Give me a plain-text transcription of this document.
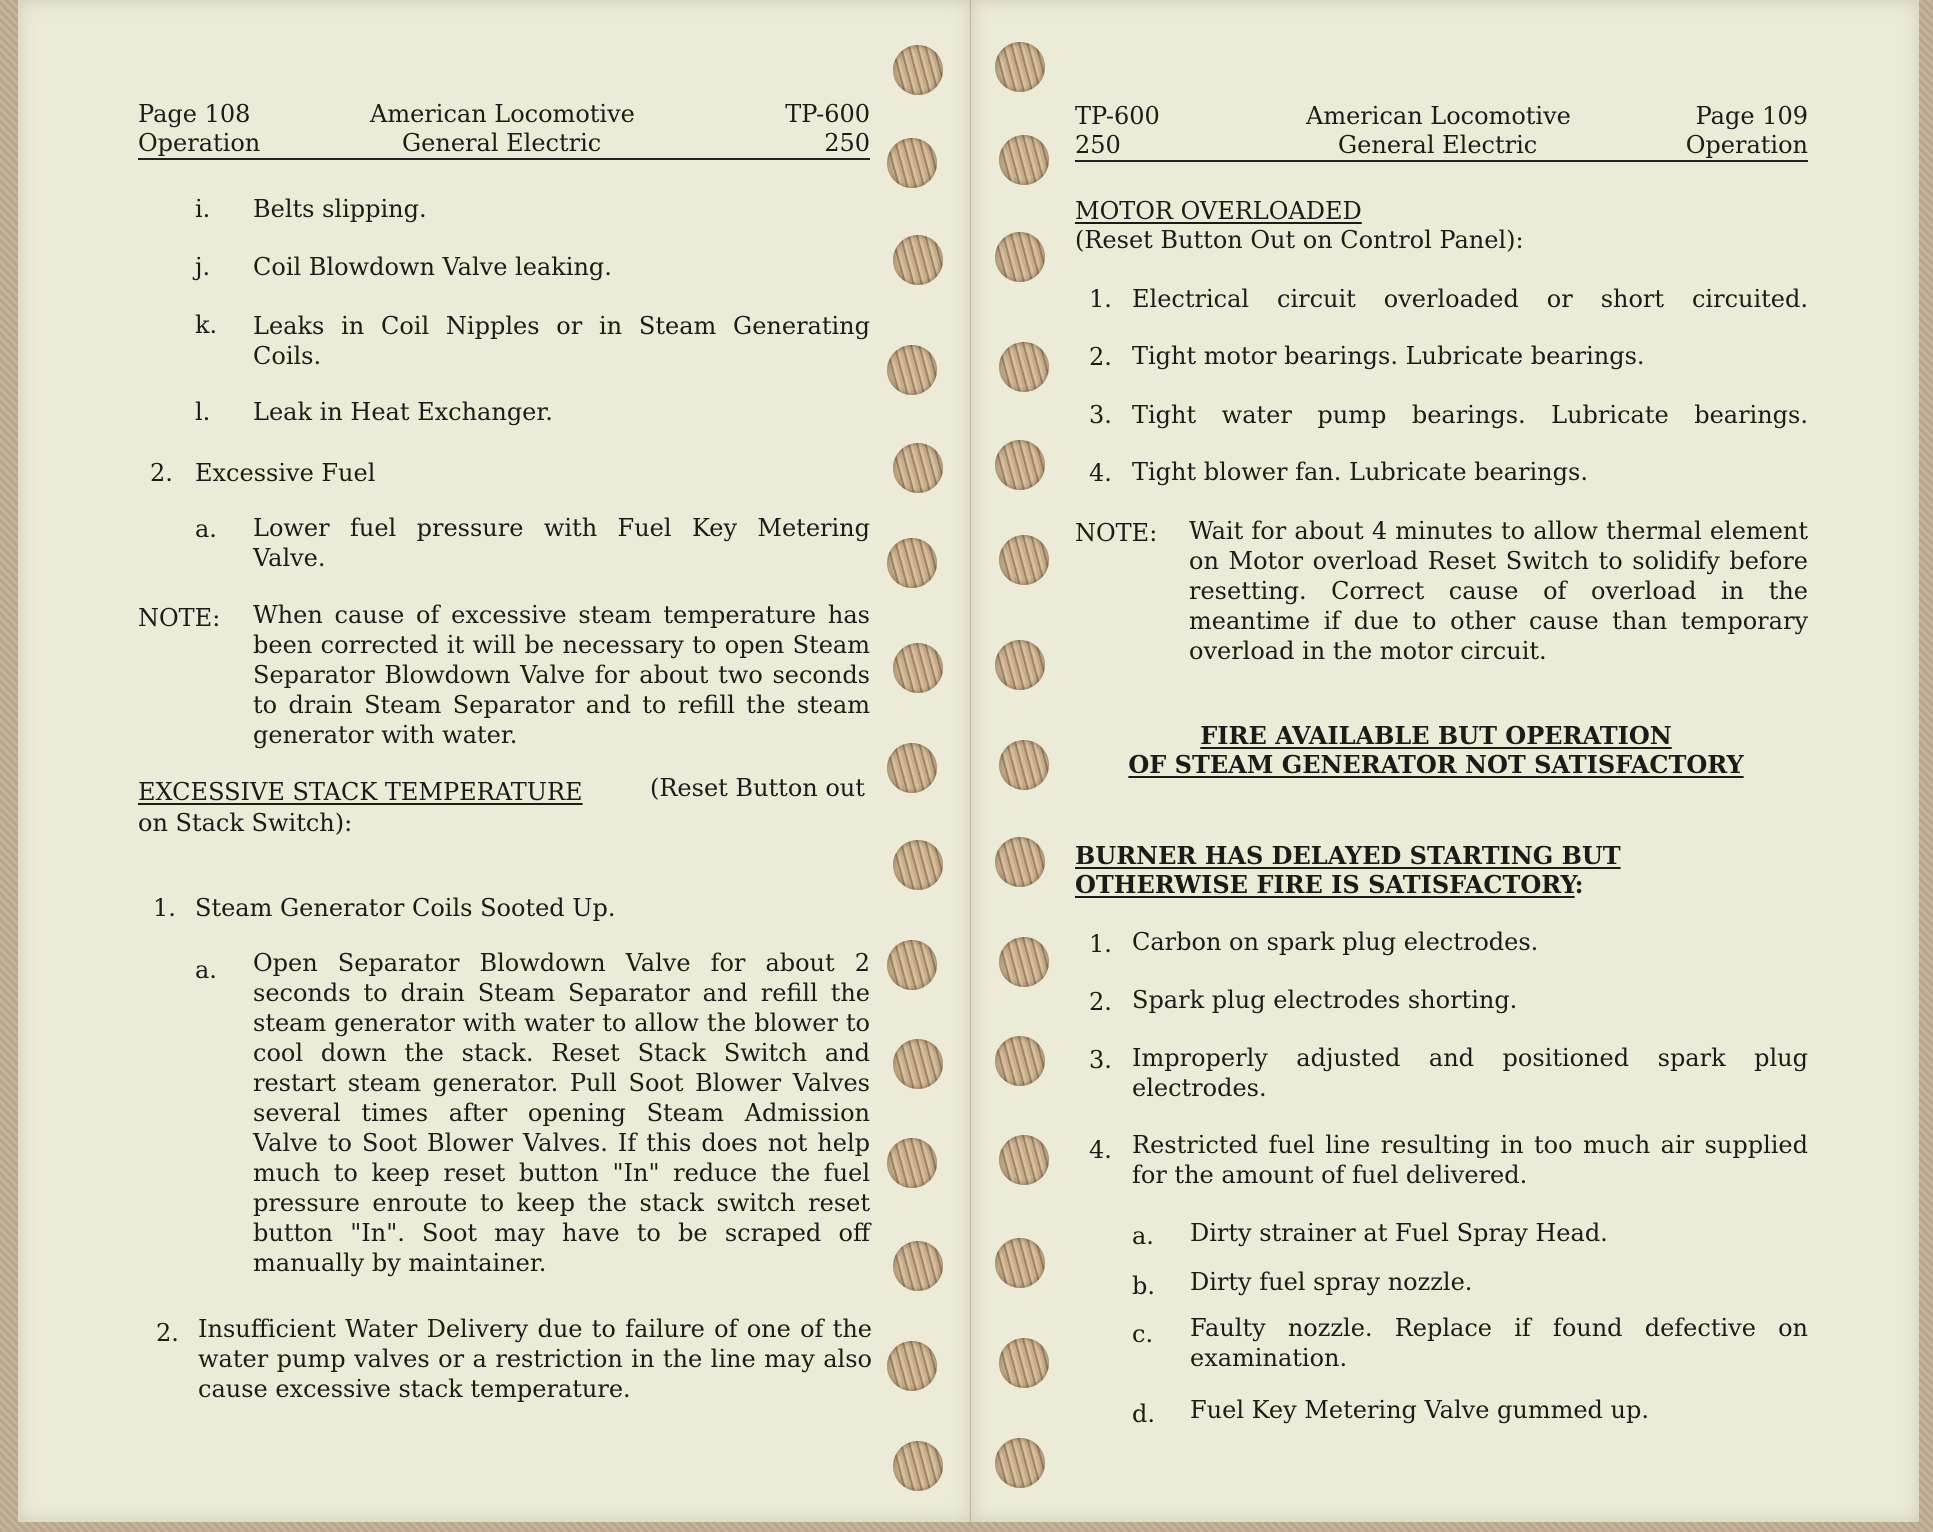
Page 108
Operation
American Locomotive
General Electric
TP-600
250
i. Belts slipping.
j. Coil Blowdown Valve leaking.
k. Leaks in Coil Nipples or in Steam Generating Coils.
l. Leak in Heat Exchanger.
2. Excessive Fuel
a. Lower fuel pressure with Fuel Key Metering Valve.
NOTE: When cause of excessive steam temperature has been corrected it will be necessary to open Steam Separator Blowdown Valve for about two seconds to drain Steam Separator and to refill the steam generator with water.
EXCESSIVE STACK TEMPERATURE	(Reset Button out
on Stack Switch):
1. Steam Generator Coils Sooted Up.
a. Open Separator Blowdown Valve for about 2 seconds to drain Steam Separator and refill the steam generator with water to allow the blower to cool down the stack. Reset Stack Switch and restart steam generator. Pull Soot Blower Valves several times after opening Steam Admission Valve to Soot Blower Valves. If this does not help much to keep reset button "In" reduce the fuel pressure enroute to keep the stack switch reset button "In". Soot may have to be scraped off manually by maintainer.
2. Insufficient Water Delivery due to failure of one of the water pump valves or a restriction in the line may also cause excessive stack temperature.
TP-600
250
American Locomotive
General Electric
Page 109
Operation
MOTOR OVERLOADED
(Reset Button Out on Control Panel):
1. Electrical circuit overloaded or short circuited.
2. Tight motor bearings. Lubricate bearings.
3. Tight water pump bearings. Lubricate bearings.
4. Tight blower fan. Lubricate bearings.
NOTE: Wait for about 4 minutes to allow thermal element on Motor overload Reset Switch to solidify before resetting. Correct cause of overload in the meantime if due to other cause than temporary overload in the motor circuit.
FIRE AVAILABLE BUT OPERATION
OF STEAM GENERATOR NOT SATISFACTORY
BURNER HAS DELAYED STARTING BUT
OTHERWISE FIRE IS SATISFACTORY:
1. Carbon on spark plug electrodes.
2. Spark plug electrodes shorting.
3. Improperly adjusted and positioned spark plug electrodes.
4. Restricted fuel line resulting in too much air supplied for the amount of fuel delivered.
a. Dirty strainer at Fuel Spray Head.
b. Dirty fuel spray nozzle.
c. Faulty nozzle. Replace if found defective on examination.
d. Fuel Key Metering Valve gummed up.
